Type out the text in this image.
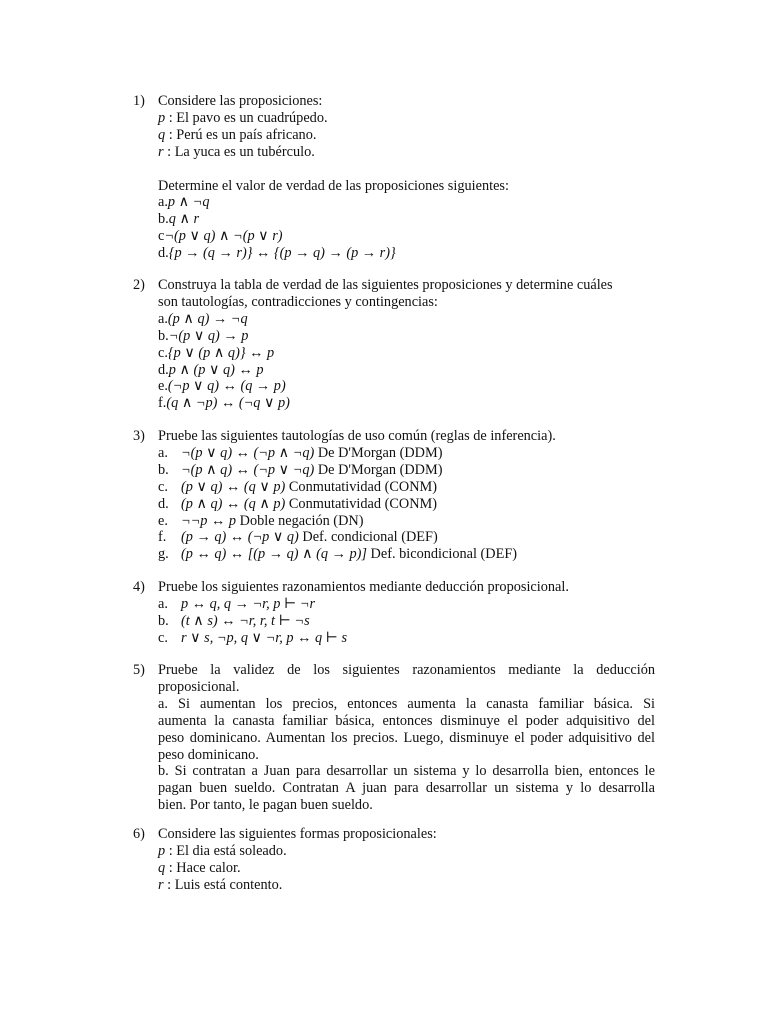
1) Considere las proposiciones:
p : El pavo es un cuadrúpedo.
q : Perú es un país africano.
r : La yuca es un tubérculo.
Determine el valor de verdad de las proposiciones siguientes:
a.p ∧ ¬q
b.q ∧ r
c¬(p ∨ q) ∧ ¬(p ∨ r)
d.{p → (q → r)} ↔ {(p → q) → (p → r)}
2) Construya la tabla de verdad de las siguientes proposiciones y determine cuáles
son tautologías, contradicciones y contingencias:
a.(p ∧ q) → ¬q
b.¬(p ∨ q) → p
c.{p ∨ (p ∧ q)} ↔ p
d.p ∧ (p ∨ q) ↔ p
e.(¬p ∨ q) ↔ (q → p)
f.(q ∧ ¬p) ↔ (¬q ∨ p)
3) Pruebe las siguientes tautologías de uso común (reglas de inferencia).
a. ¬(p ∨ q) ↔ (¬p ∧ ¬q) De D'Morgan (DDM)
b. ¬(p ∧ q) ↔ (¬p ∨ ¬q) De D'Morgan (DDM)
c. (p ∨ q) ↔ (q ∨ p) Conmutatividad (CONM)
d. (p ∧ q) ↔ (q ∧ p) Conmutatividad (CONM)
e. ¬¬p ↔ p Doble negación (DN)
f. (p → q) ↔ (¬p ∨ q) Def. condicional (DEF)
g. (p ↔ q) ↔ [(p → q) ∧ (q → p)] Def. bicondicional (DEF)
4) Pruebe los siguientes razonamientos mediante deducción proposicional.
a. p ↔ q, q → ¬r, p ⊢ ¬r
b. (t ∧ s) ↔ ¬r, r, t ⊢ ¬s
c. r ∨ s, ¬p, q ∨ ¬r, p ↔ q ⊢ s
5) Pruebe la validez de los siguientes razonamientos mediante la deducción
proposicional.
a. Si aumentan los precios, entonces aumenta la canasta familiar básica. Si
aumenta la canasta familiar básica, entonces disminuye el poder adquisitivo del
peso dominicano. Aumentan los precios. Luego, disminuye el poder adquisitivo del
peso dominicano.
b. Si contratan a Juan para desarrollar un sistema y lo desarrolla bien, entonces le
pagan buen sueldo. Contratan A juan para desarrollar un sistema y lo desarrolla
bien. Por tanto, le pagan buen sueldo.
6) Considere las siguientes formas proposicionales:
p : El dia está soleado.
q : Hace calor.
r : Luis está contento.
